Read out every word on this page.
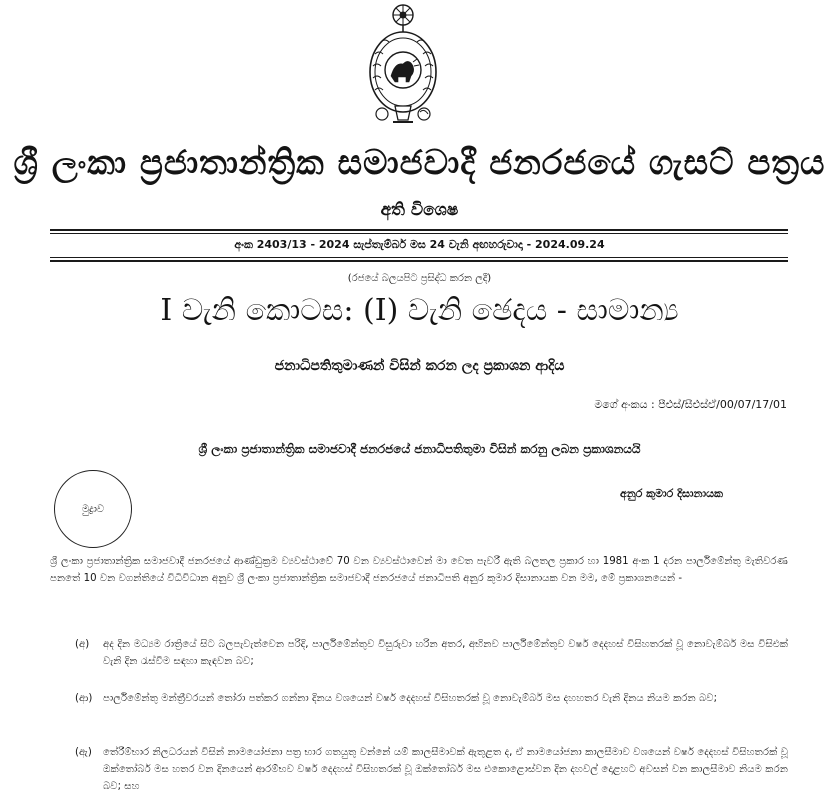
ශ්‍රී ලංකා ප්‍රජාතාන්ත්‍රික සමාජවාදී ජනරජයේ ගැසට් පත්‍රය
අති විශෙෂ
අංක 2403/13 - 2024 සැප්තැම්බර් මස 24 වැනි අඟහරුවාදා - 2024.09.24
(රජයේ බලයපිට ප්‍රසිද්ධ කරන ලදී)
I වැනි කොටස: (I) වැනි ඡෙදය - සාමාන්‍ය
ජනාධිපතිතුමාණන් විසින් කරන ලද ප්‍රකාශන ආදිය
මගේ අංකය : පීඑස්/සීඑස්ඒ/00/07/17/01
ශ්‍රී ලංකා ප්‍රජාතාන්ත්‍රික සමාජවාදී ජනරජයේ ජනාධිපතිතුමා විසින් කරනු ලබන ප්‍රකාශනයයි
මුද්‍රාව
අනුර කුමාර දිසානායක

ශ්‍රී ලංකා ප්‍රජාතාන්ත්‍රික සමාජවාදී ජනරජයේ ආණ්ඩුක්‍රම ව්‍යවස්ථාවේ 70 වන ව්‍යවස්ථාවෙන් මා වෙත පැවරී ඇති බලතල ප්‍රකාර හා 1981 අංක 1 දරන පාර්ලිමේන්තු මැතිවරණ පනතේ 10 වන වගන්තියේ විධිවිධාන අනුව ශ්‍රී ලංකා ප්‍රජාතාන්ත්‍රික සමාජවාදී ජනරජයේ ජනාධිපති අනුර කුමාර දිසානායක වන මම, මේ ප්‍රකාශනයෙන් -

(අ)	අද දින මධ්‍යම රාත්‍රියේ සිට බලපැවැත්වෙන පරිදි, පාර්ලිමේන්තුව විසුරුවා හරින අතර, අභිනව පාර්ලිමේන්තුව වර්ෂ දෙදහස් විසිහතරක් වූ නොවැම්බර් මස විසිඑක් වැනි දින රැස්වීම සඳහා කැඳවන බව;
(ආ)	පාර්ලිමේන්තු මන්ත්‍රීවරයන් තෝරා පත්කර ගන්නා දිනය වශයෙන් වර්ෂ දෙදහස් විසිහතරක් වූ නොවැම්බර් මස දහහතර වැනි දිනය නියම කරන බව;
(ඇ)	තේරීම්භාර නිලධරයන් විසින් නාමයෝජනා පත්‍ර භාර ගතයුතු වන්නේ යම් කාලසීමාවක් ඇතුළත ද, ඒ නාමයෝජනා කාලසීමාව වශයෙන් වර්ෂ දෙදහස් විසිහතරක් වූ ඔක්තෝබර් මස හතර වන දිනයෙන් ආරම්භව වර්ෂ දෙදහස් විසිහතරක් වූ ඔක්තෝබර් මස එකොළොස්වන දින දහවල් දොළහට අවසන් වන කාලසීමාව නියම කරන බව; සහ
